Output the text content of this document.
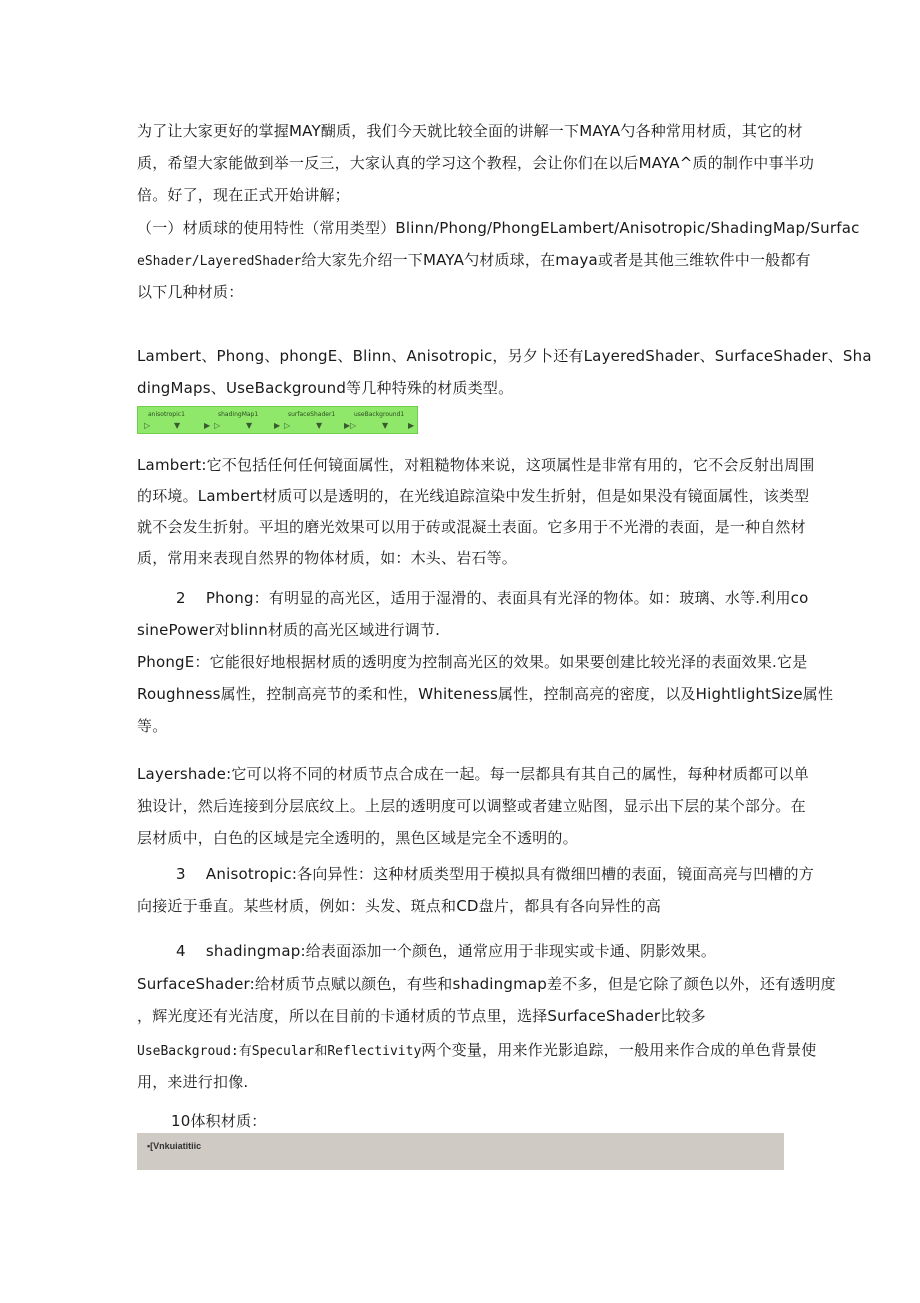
为了让大家更好的掌握MAY醐质，我们今天就比较全面的讲解一下MAYA勺各种常用材质，其它的材
质，希望大家能做到举一反三，大家认真的学习这个教程，会让你们在以后MAYA^质的制作中事半功
倍。好了，现在正式开始讲解；
（一）材质球的使用特性（常用类型）Blinn/Phong/PhongELambert/Anisotropic/ShadingMap/Surfac
eShader/LayeredShader给大家先介绍一下MAYA勺材质球，在maya或者是其他三维软件中一般都有
以下几种材质：
Lambert、Phong、phongE、Blinn、Anisotropic，另夕卜还有LayeredShader、SurfaceShader、Sha
dingMaps、UseBackground等几种特殊的材质类型。
anisotropic1
▷	▼	▶
shadingMap1
▷	▼	▶
surfaceShader1
▷	▼	▶
useBackground1
▷	▼ ▶
Lambert:它不包括任何任何镜面属性，对粗糙物体来说，这项属性是非常有用的，它不会反射出周围
的环境。Lambert材质可以是透明的，在光线追踪渲染中发生折射，但是如果没有镜面属性，该类型
就不会发生折射。平坦的磨光效果可以用于砖或混凝土表面。它多用于不光滑的表面，是一种自然材
质，常用来表现自然界的物体材质，如：木头、岩石等。
2　 Phong：有明显的高光区，适用于湿滑的、表面具有光泽的物体。如：玻璃、水等.利用co
sinePower对blinn材质的高光区域进行调节.
PhongE：它能很好地根据材质的透明度为控制高光区的效果。如果要创建比较光泽的表面效果.它是
Roughness属性，控制高亮节的柔和性，Whiteness属性，控制高亮的密度，以及HightlightSize属性
等。
Layershade:它可以将不同的材质节点合成在一起。每一层都具有其自己的属性，每种材质都可以单
独设计，然后连接到分层底纹上。上层的透明度可以调整或者建立贴图，显示出下层的某个部分。在
层材质中，白色的区域是完全透明的，黑色区域是完全不透明的。
3　 Anisotropic:各向异性：这种材质类型用于模拟具有微细凹槽的表面，镜面高亮与凹槽的方
向接近于垂直。某些材质，例如：头发、斑点和CD盘片，都具有各向异性的高
4　 shadingmap:给表面添加一个颜色，通常应用于非现实或卡通、阴影效果。
SurfaceShader:给材质节点赋以颜色，有些和shadingmap差不多，但是它除了颜色以外，还有透明度
，辉光度还有光洁度，所以在目前的卡通材质的节点里，选择SurfaceShader比较多
UseBackgroud:有Specular和Reflectivity两个变量，用来作光影追踪，一般用来作合成的单色背景使
用，来进行扣像.
10体积材质：
•[Vnkuiatitiic
